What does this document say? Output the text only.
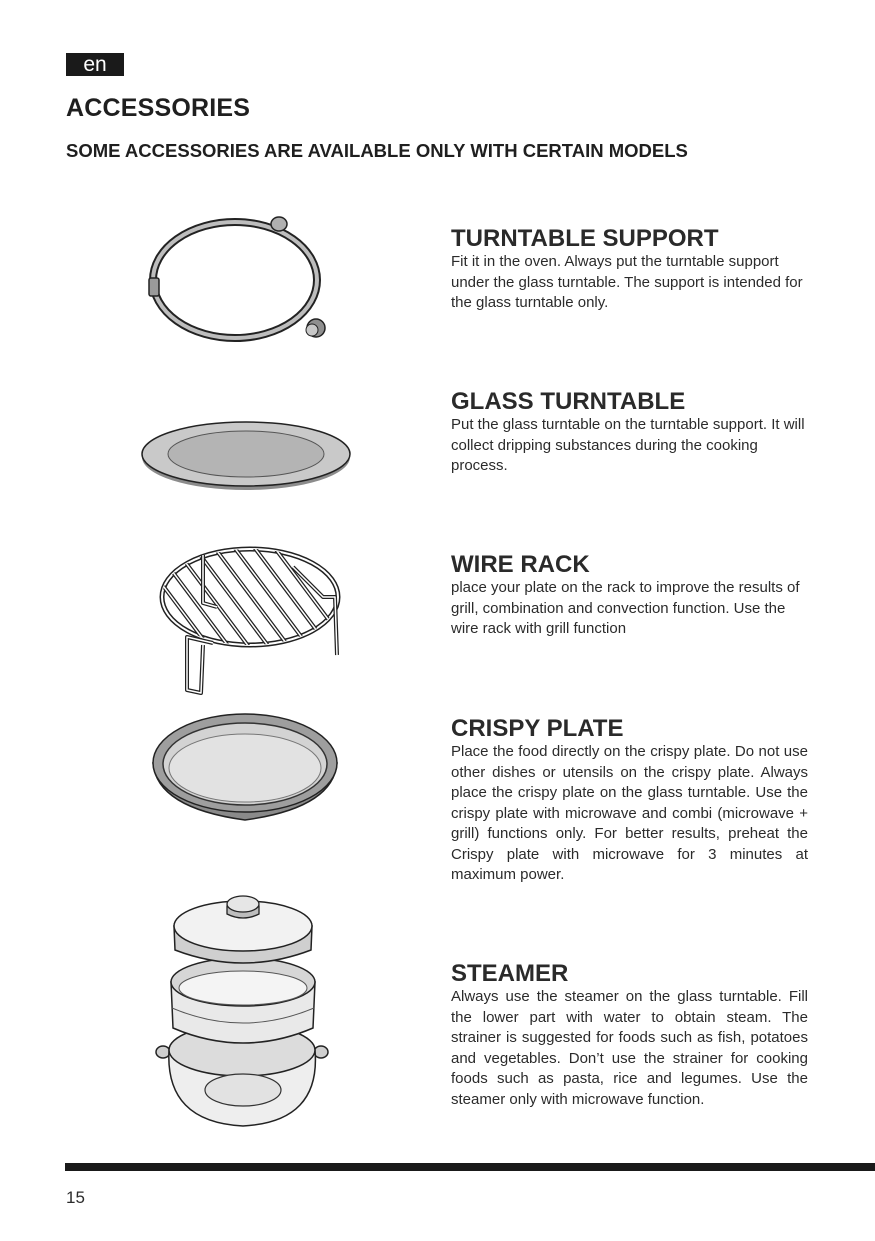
en
ACCESSORIES
SOME ACCESSORIES ARE AVAILABLE ONLY WITH CERTAIN MODELS
TURNTABLE SUPPORT

Fit it in the oven. Always put the turntable support under the glass turntable. The support is intended for the glass turntable only.

GLASS TURNTABLE

Put the glass turntable on the turntable support. It will collect dripping substances during the cooking process.

WIRE RACK

place your plate on the rack to improve the results of grill, combination and convection function. Use the wire rack with grill function

CRISPY PLATE

Place the food directly on the crispy plate. Do not use other dishes or utensils on the crispy plate. Always place the crispy plate on the glass turntable. Use the crispy plate with microwave and combi (microwave + grill) functions only. For better results, preheat the Crispy plate with microwave for 3 minutes at maximum power.

STEAMER

Always use the steamer on the glass turntable. Fill the lower part with water to obtain steam. The strainer is suggested for foods such as fish, potatoes and vegetables. Don’t use the strainer for cooking foods such as pasta, rice and legumes. Use the steamer only with microwave function.

15
